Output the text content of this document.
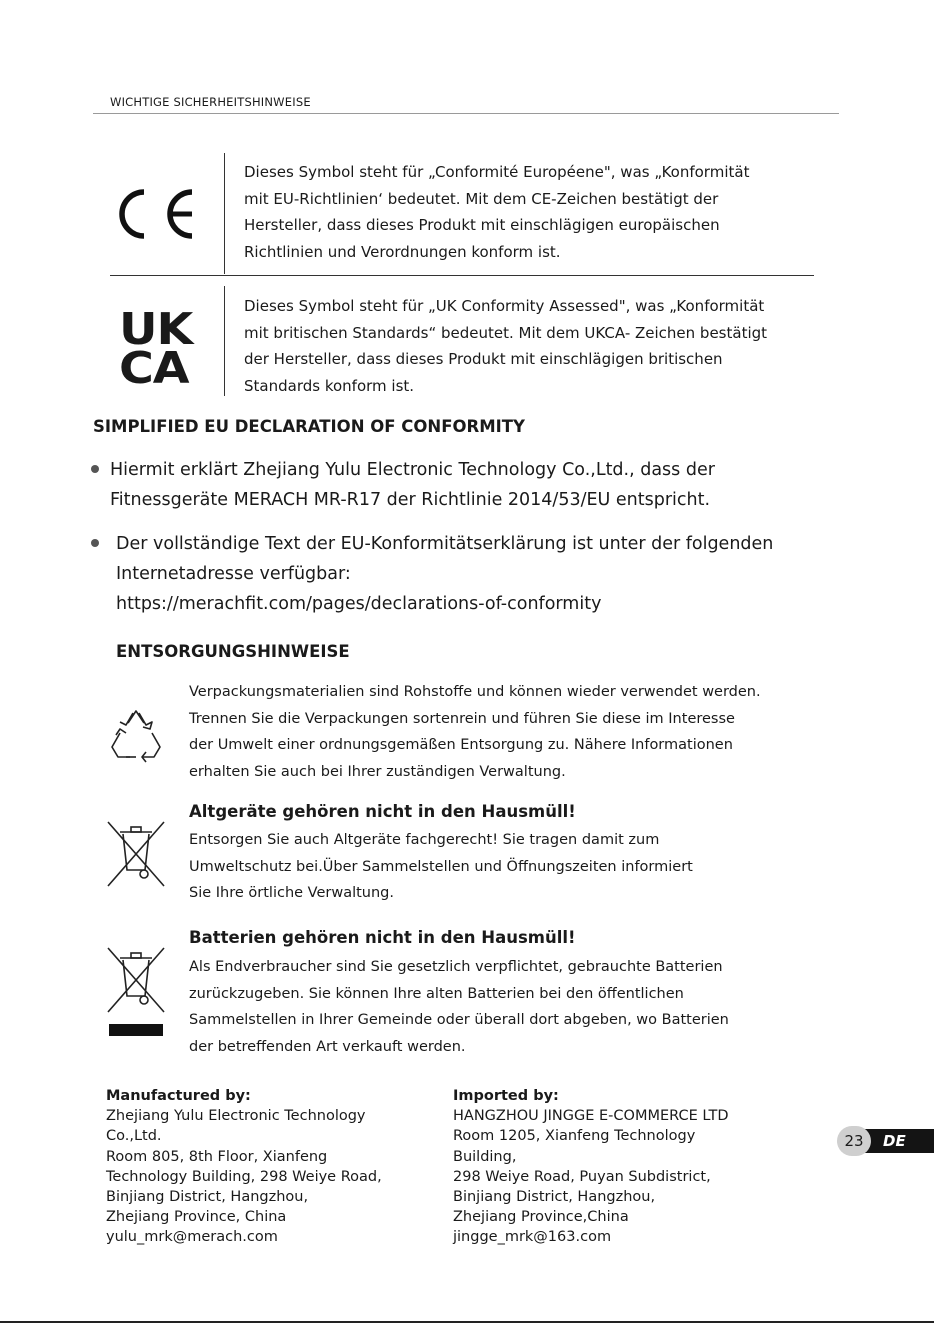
WICHTIGE SICHERHEITSHINWEISE
Dieses Symbol steht für „Conformité Européene", was „Konformität
mit EU-Richtlinien‘ bedeutet. Mit dem CE-Zeichen bestätigt der
Hersteller, dass dieses Produkt mit einschlägigen europäischen
Richtlinien und Verordnungen konform ist.
UK
CA
Dieses Symbol steht für „UK Conformity Assessed", was „Konformität
mit britischen Standards“ bedeutet. Mit dem UKCA- Zeichen bestätigt
der Hersteller, dass dieses Produkt mit einschlägigen britischen
Standards konform ist.
SIMPLIFIED EU DECLARATION OF CONFORMITY
Hiermit erklärt Zhejiang Yulu Electronic Technology Co.,Ltd., dass der
Fitnessgeräte MERACH MR-R17 der Richtlinie 2014/53/EU entspricht.
Der vollständige Text der EU-Konformitätserklärung ist unter der folgenden
Internetadresse verfügbar:
https://merachfit.com/pages/declarations-of-conformity
ENTSORGUNGSHINWEISE
Verpackungsmaterialien sind Rohstoffe und können wieder verwendet werden.
Trennen Sie die Verpackungen sortenrein und führen Sie diese im Interesse
der Umwelt einer ordnungsgemäßen Entsorgung zu. Nähere Informationen
erhalten Sie auch bei Ihrer zuständigen Verwaltung.
Altgeräte gehören nicht in den Hausmüll!
Entsorgen Sie auch Altgeräte fachgerecht! Sie tragen damit zum
Umweltschutz bei.Über Sammelstellen und Öffnungszeiten informiert
Sie Ihre örtliche Verwaltung.
Batterien gehören nicht in den Hausmüll!
Als Endverbraucher sind Sie gesetzlich verpflichtet, gebrauchte Batterien
zurückzugeben. Sie können Ihre alten Batterien bei den öffentlichen
Sammelstellen in Ihrer Gemeinde oder überall dort abgeben, wo Batterien
der betreffenden Art verkauft werden.
Manufactured by:
Zhejiang Yulu Electronic Technology
Co.,Ltd.
Room 805, 8th Floor, Xianfeng
Technology Building, 298 Weiye Road,
Binjiang District, Hangzhou,
Zhejiang Province, China
yulu_mrk@merach.com
Imported by:
HANGZHOU JINGGE E-COMMERCE LTD
Room 1205, Xianfeng Technology
Building,
298 Weiye Road, Puyan Subdistrict,
Binjiang District, Hangzhou,
Zhejiang Province,China
jingge_mrk@163.com
DE
23
